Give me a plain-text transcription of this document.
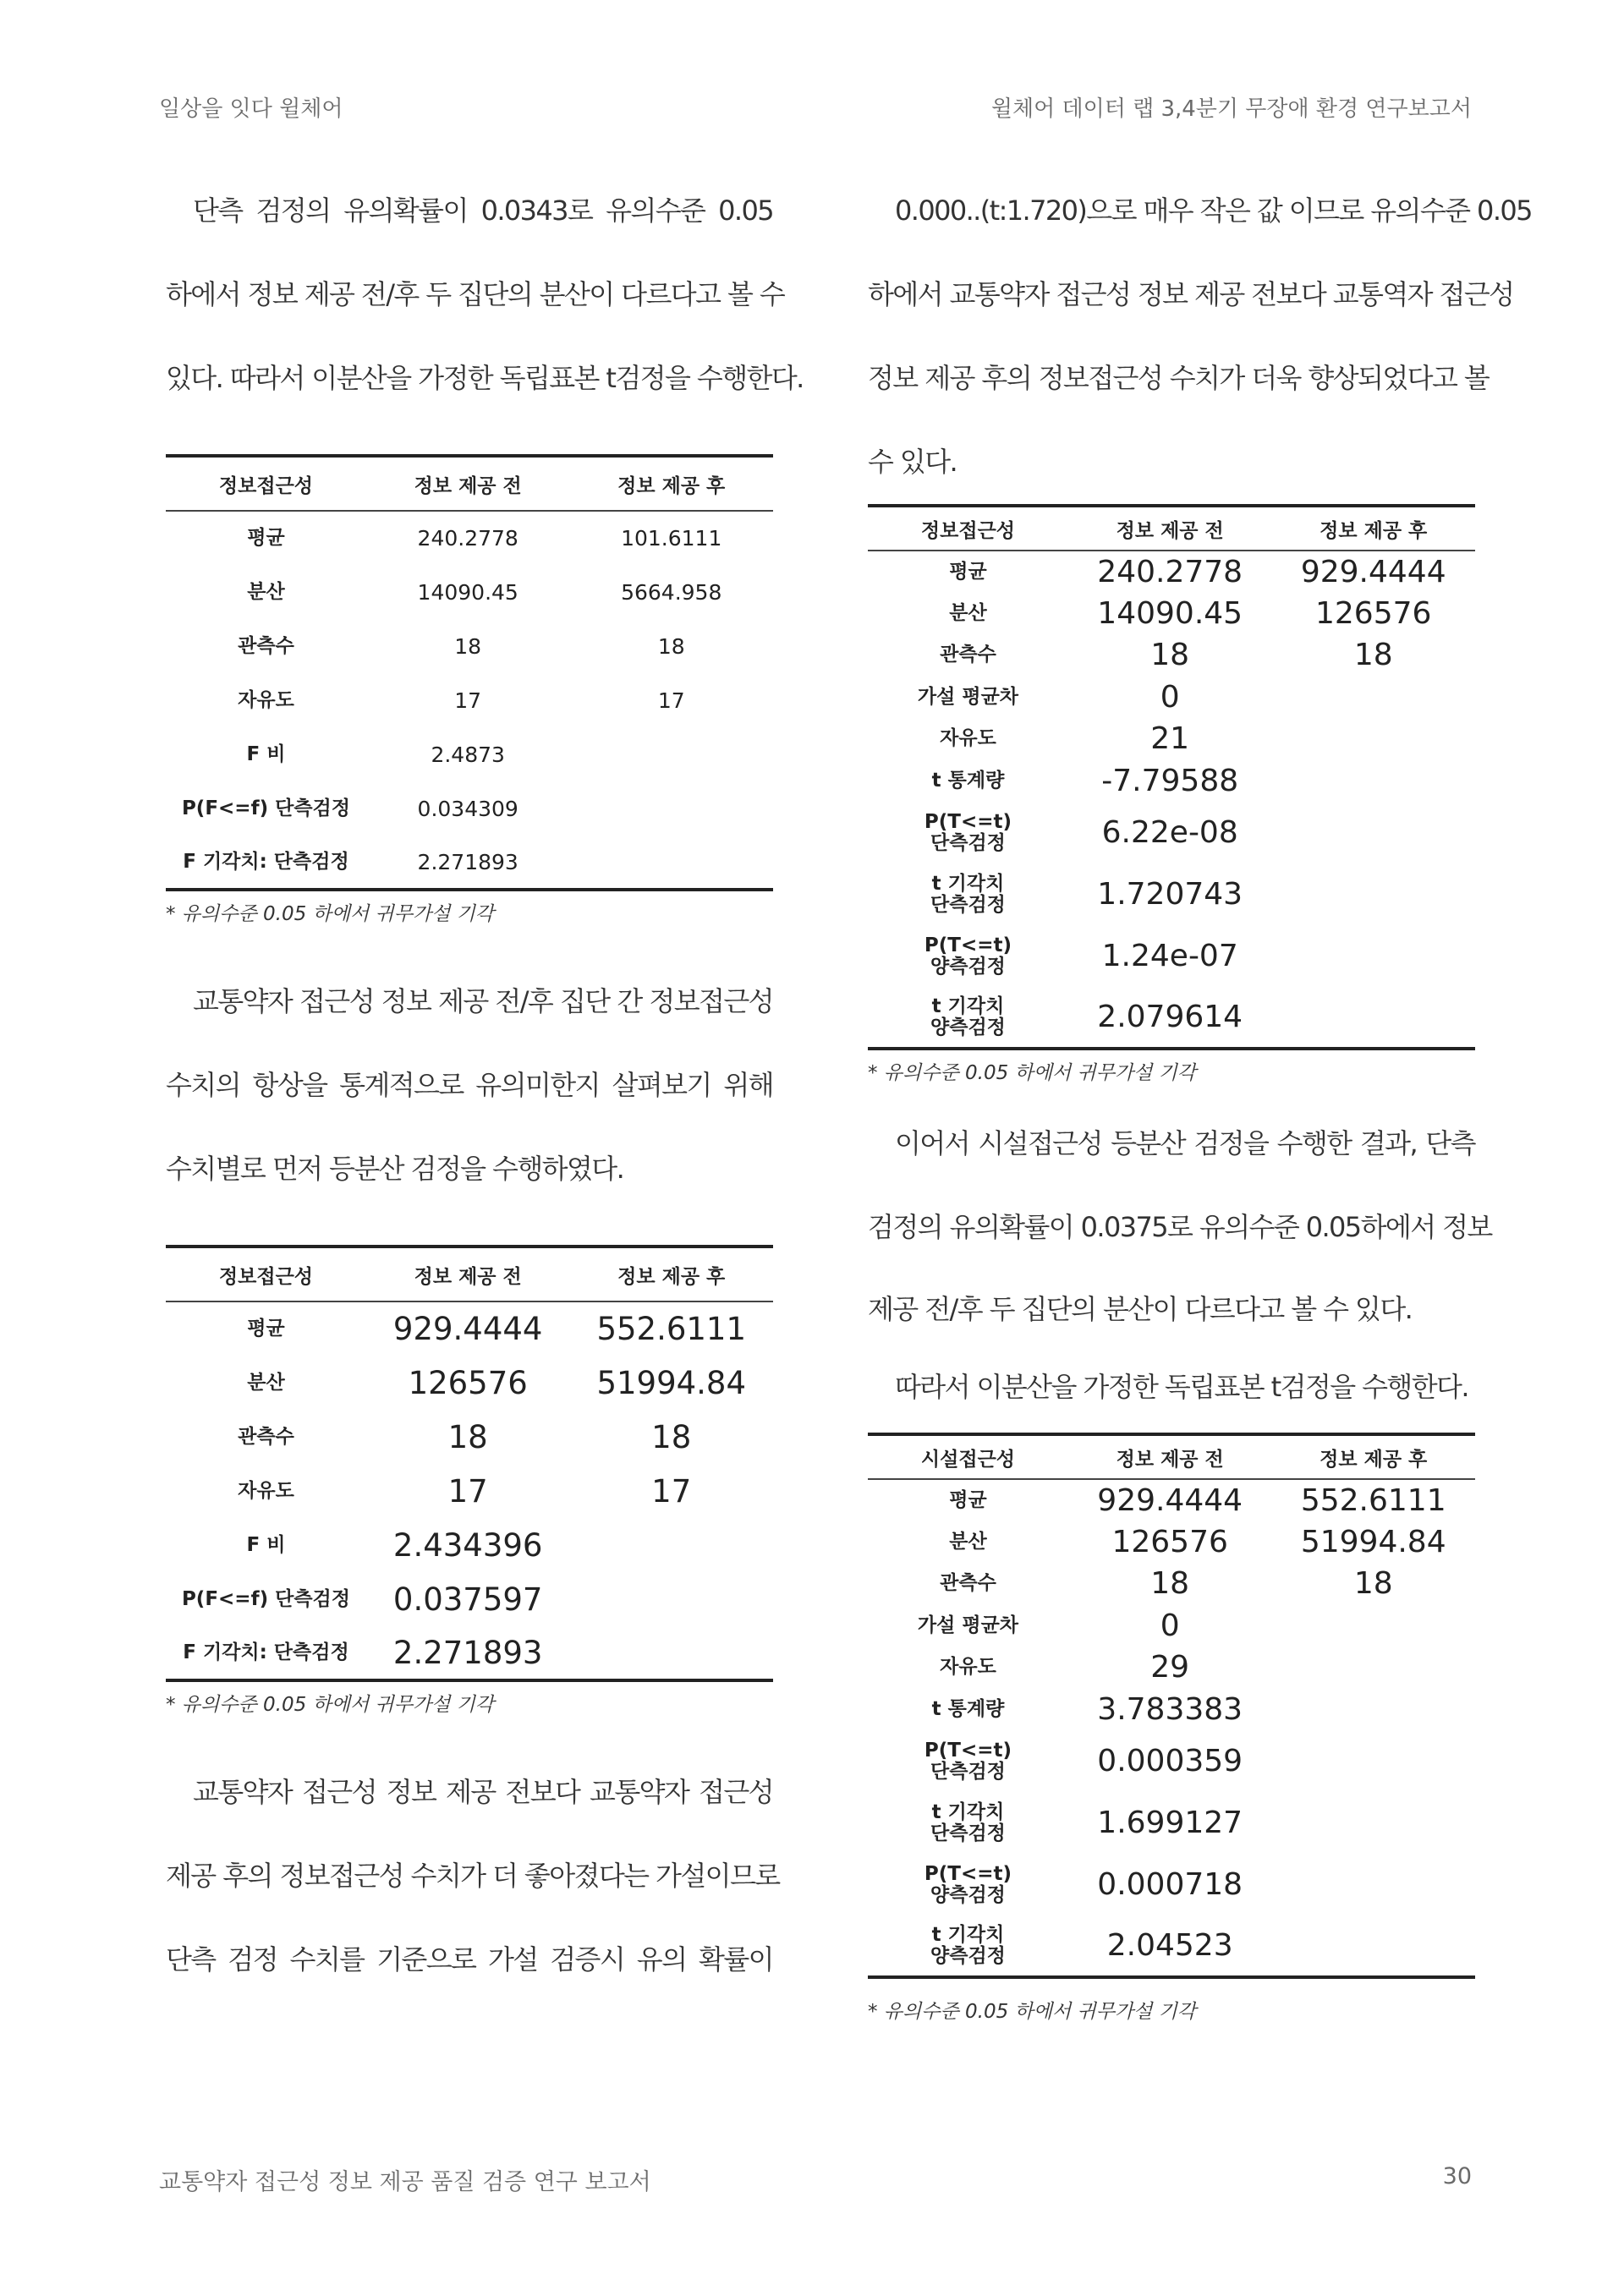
일상을 잇다 윌체어	윌체어 데이터 랩 3,4분기 무장애 환경 연구보고서

단측 검정의 유의확률이 0.0343로 유의수준 0.05

하에서 정보 제공 전/후 두 집단의 분산이 다르다고 볼 수

있다. 따라서 이분산을 가정한 독립표본 t검정을 수행한다.

정보접근성	정보 제공 전	정보 제공 후
평균	240.2778	101.6111
분산	14090.45	5664.958
관측수	18	18
자유도	17	17
F 비	2.4873	
P(F<=f) 단측검정	0.034309	
F 기각치: 단측검정	2.271893	
* 유의수준 0.05 하에서 귀무가설 기각

교통약자 접근성 정보 제공 전/후 집단 간 정보접근성

수치의 항상을 통계적으로 유의미한지 살펴보기 위해

수치별로 먼저 등분산 검정을 수행하였다.

정보접근성	정보 제공 전	정보 제공 후
평균	929.4444	552.6111
분산	126576	51994.84
관측수	18	18
자유도	17	17
F 비	2.434396	
P(F<=f) 단측검정	0.037597	
F 기각치: 단측검정	2.271893	
* 유의수준 0.05 하에서 귀무가설 기각

교통약자 접근성 정보 제공 전보다 교통약자 접근성

제공 후의 정보접근성 수치가 더 좋아졌다는 가설이므로

단측 검정 수치를 기준으로 가설 검증시 유의 확률이

0.000..(t:1.720)으로 매우 작은 값 이므로 유의수준 0.05

하에서 교통약자 접근성 정보 제공 전보다 교통역자 접근성

정보 제공 후의 정보접근성 수치가 더욱 향상되었다고 볼

수 있다.

정보접근성	정보 제공 전	정보 제공 후
평균	240.2778	929.4444
분산	14090.45	126576
관측수	18	18
가설 평균차	0	
자유도	21	
t 통계량	-7.79588	
P(T<=t)
단측검정	6.22e-08	
t 기각치
단측검정	1.720743	
P(T<=t)
양측검정	1.24e-07	
t 기각치
양측검정	2.079614	
* 유의수준 0.05 하에서 귀무가설 기각

이어서 시설접근성 등분산 검정을 수행한 결과, 단측

검정의 유의확률이 0.0375로 유의수준 0.05하에서 정보

제공 전/후 두 집단의 분산이 다르다고 볼 수 있다.

따라서 이분산을 가정한 독립표본 t검정을 수행한다.

시설접근성	정보 제공 전	정보 제공 후
평균	929.4444	552.6111
분산	126576	51994.84
관측수	18	18
가설 평균차	0	
자유도	29	
t 통계량	3.783383	
P(T<=t)
단측검정	0.000359	
t 기각치
단측검정	1.699127	
P(T<=t)
양측검정	0.000718	
t 기각치
양측검정	2.04523	
* 유의수준 0.05 하에서 귀무가설 기각
교통약자 접근성 정보 제공 품질 검증 연구 보고서	30
